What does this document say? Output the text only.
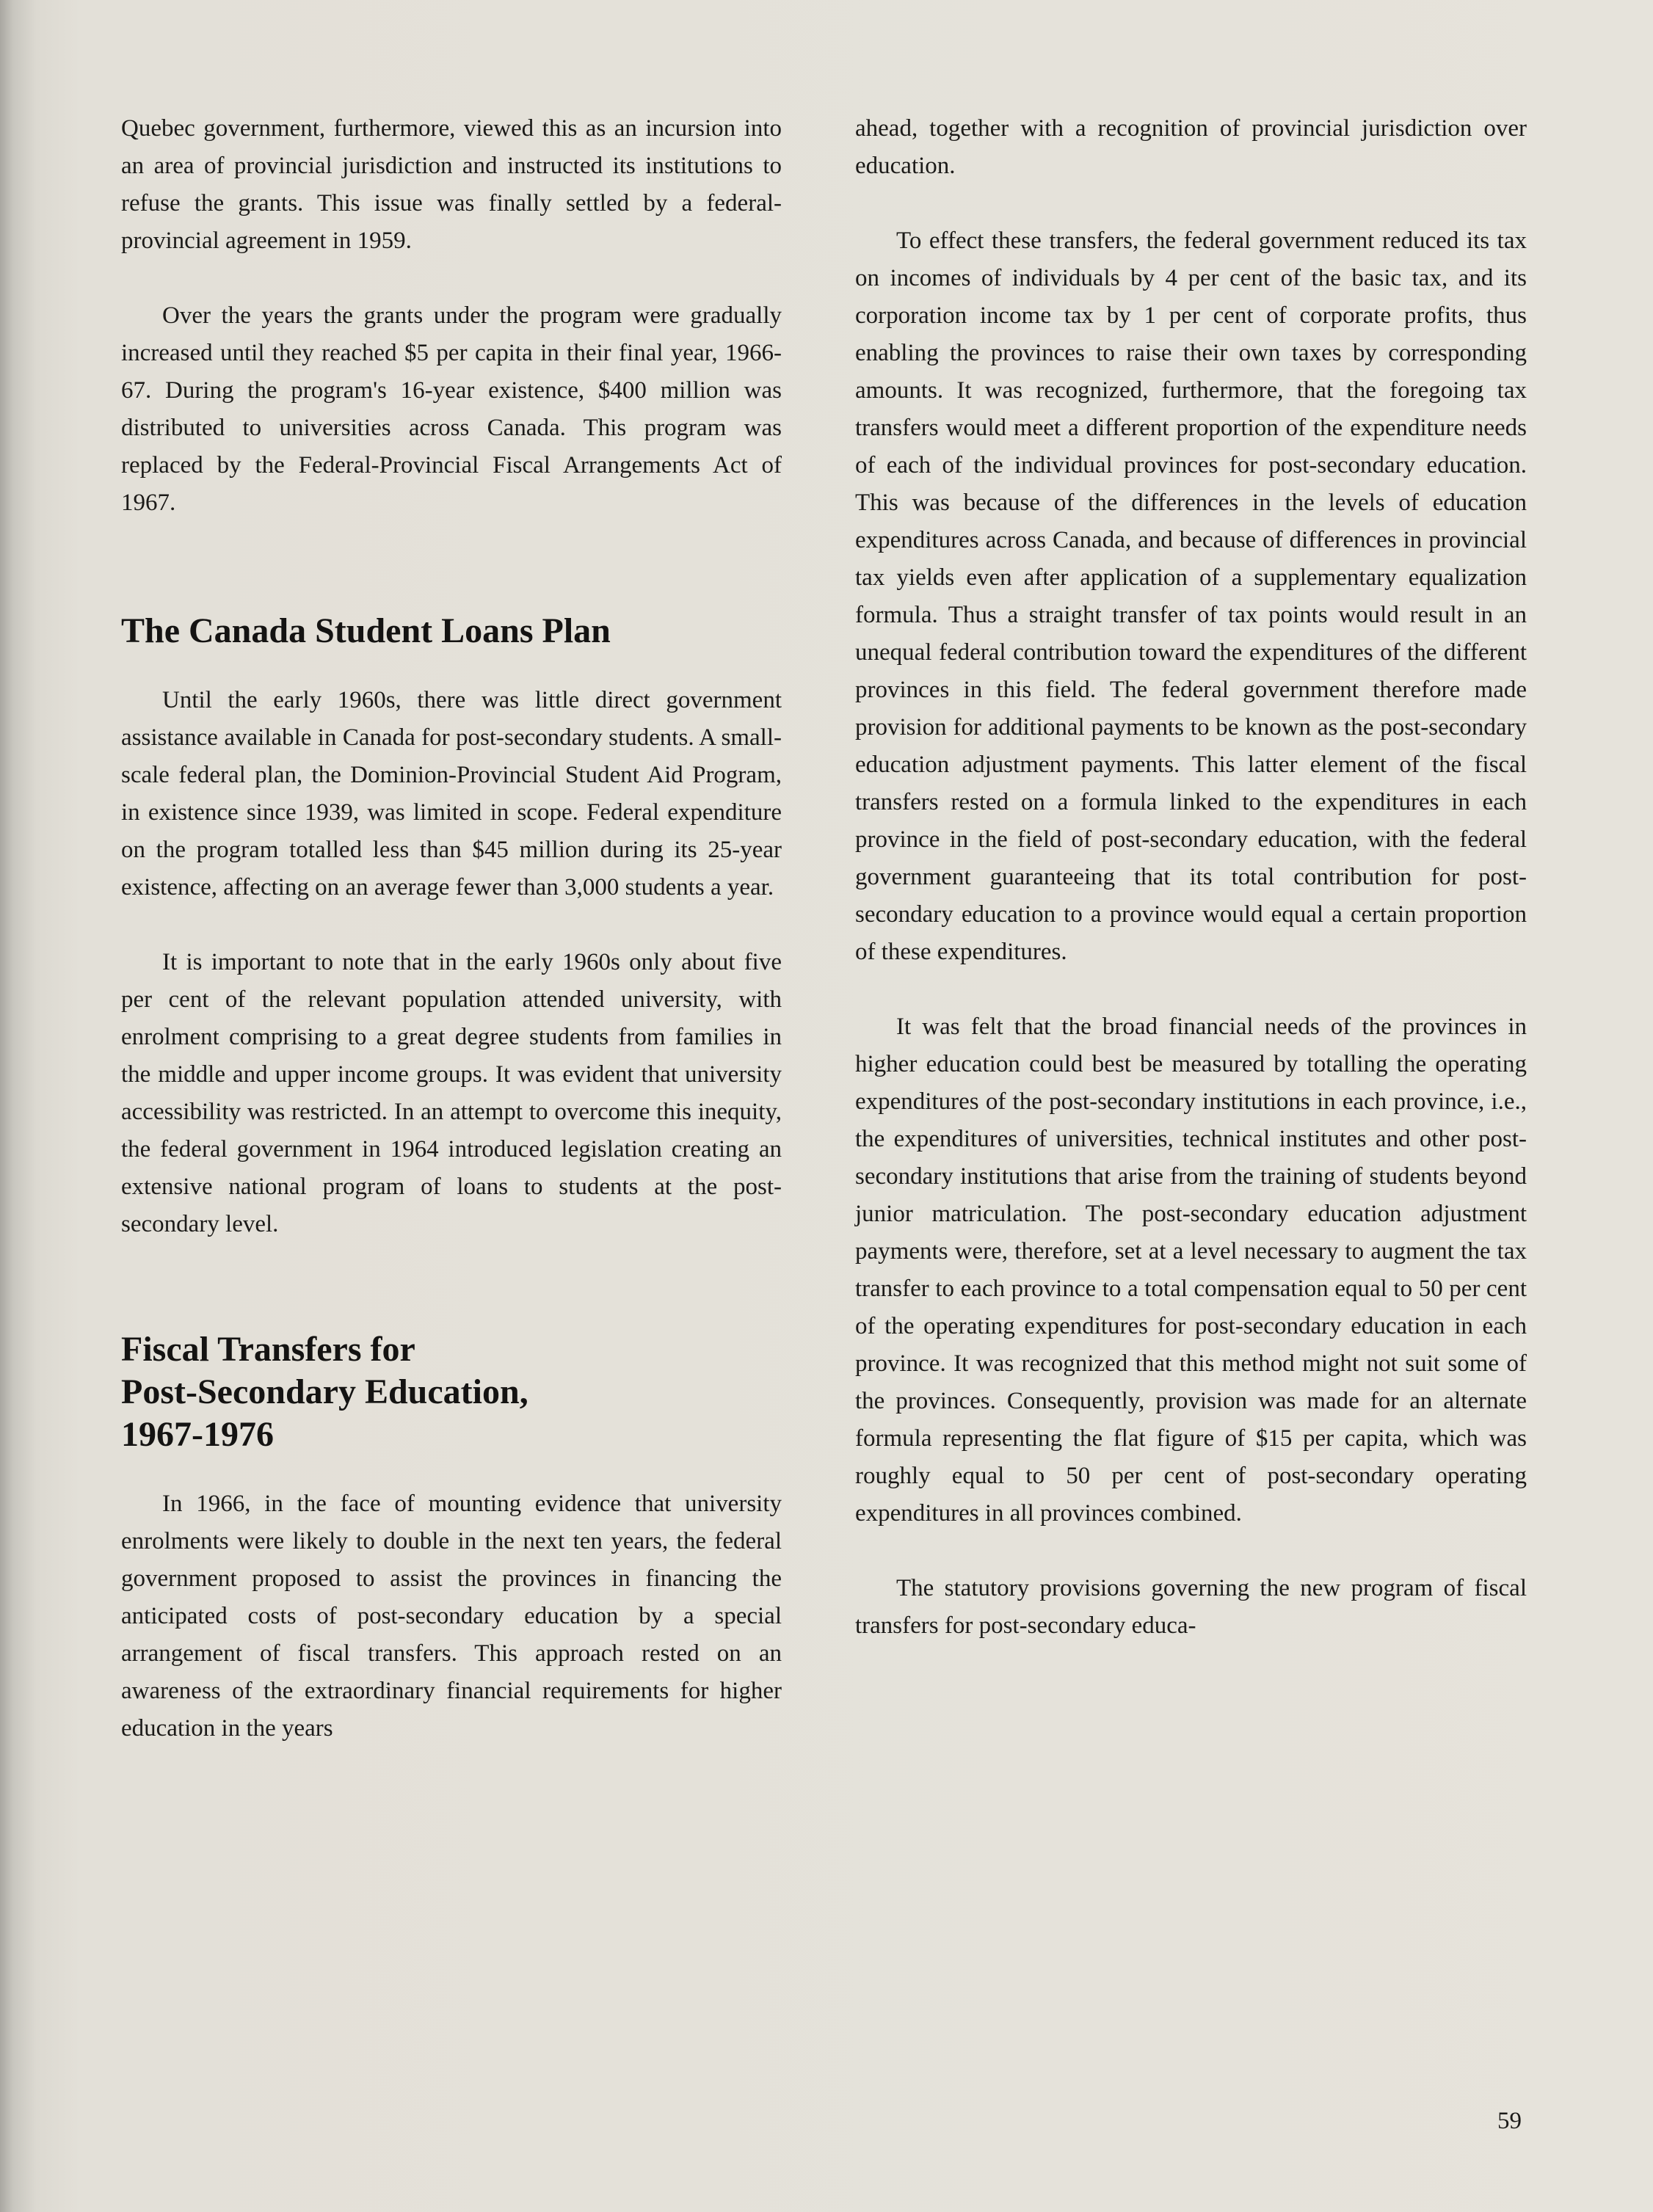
Quebec government, furthermore, viewed this as an incursion into an area of provincial jurisdiction and instructed its institutions to refuse the grants. This issue was finally settled by a federal-provincial agreement in 1959.

Over the years the grants under the program were gradually increased until they reached $5 per capita in their final year, 1966-67. During the program's 16-year existence, $400 million was distributed to universities across Canada. This program was replaced by the Federal-Provincial Fiscal Arrangements Act of 1967.

The Canada Student Loans Plan

Until the early 1960s, there was little direct government assistance available in Canada for post-secondary students. A small-scale federal plan, the Dominion-Provincial Student Aid Program, in existence since 1939, was limited in scope. Federal expenditure on the program totalled less than $45 million during its 25-year existence, affecting on an average fewer than 3,000 students a year.

It is important to note that in the early 1960s only about five per cent of the relevant population attended university, with enrolment comprising to a great degree students from families in the middle and upper income groups. It was evident that university accessibility was restricted. In an attempt to overcome this inequity, the federal government in 1964 introduced legislation creating an extensive national program of loans to students at the post-secondary level.

Fiscal Transfers for
Post-Secondary Education,
1967-1976

In 1966, in the face of mounting evidence that university enrolments were likely to double in the next ten years, the federal government proposed to assist the provinces in financing the anticipated costs of post-secondary education by a special arrangement of fiscal transfers. This approach rested on an awareness of the extraordinary financial requirements for higher education in the years

ahead, together with a recognition of provincial jurisdiction over education.

To effect these transfers, the federal government reduced its tax on incomes of individuals by 4 per cent of the basic tax, and its corporation income tax by 1 per cent of corporate profits, thus enabling the provinces to raise their own taxes by corresponding amounts. It was recognized, furthermore, that the foregoing tax transfers would meet a different proportion of the expenditure needs of each of the individual provinces for post-secondary education. This was because of the differences in the levels of education expenditures across Canada, and because of differences in provincial tax yields even after application of a supplementary equalization formula. Thus a straight transfer of tax points would result in an unequal federal contribution toward the expenditures of the different provinces in this field. The federal government therefore made provision for additional payments to be known as the post-secondary education adjustment payments. This latter element of the fiscal transfers rested on a formula linked to the expenditures in each province in the field of post-secondary education, with the federal government guaranteeing that its total contribution for post-secondary education to a province would equal a certain proportion of these expenditures.

It was felt that the broad financial needs of the provinces in higher education could best be measured by totalling the operating expenditures of the post-secondary institutions in each province, i.e., the expenditures of universities, technical institutes and other post-secondary institutions that arise from the training of students beyond junior matriculation. The post-secondary education adjustment payments were, therefore, set at a level necessary to augment the tax transfer to each province to a total compensation equal to 50 per cent of the operating expenditures for post-secondary education in each province. It was recognized that this method might not suit some of the provinces. Consequently, provision was made for an alternate formula representing the flat figure of $15 per capita, which was roughly equal to 50 per cent of post-secondary operating expenditures in all provinces combined.

The statutory provisions governing the new program of fiscal transfers for post-secondary educa-

59
